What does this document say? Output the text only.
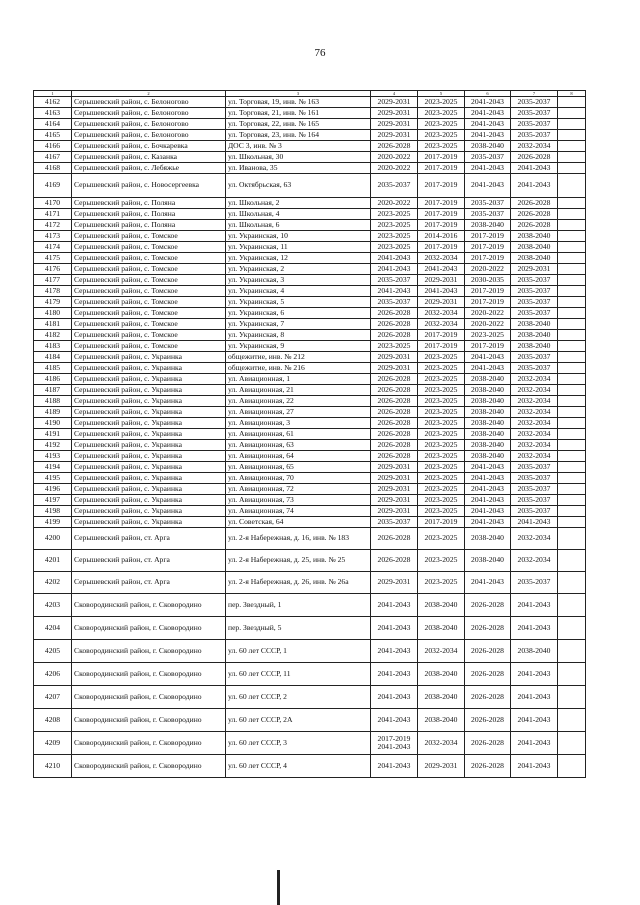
76
1	2	3	4	5	6	7	8
4162	Серышевский район, с. Белоногово	ул. Торговая, 19, инв. № 163	2029-2031	2023-2025	2041-2043	2035-2037	
4163	Серышевский район, с. Белоногово	ул. Торговая, 21, инв. № 161	2029-2031	2023-2025	2041-2043	2035-2037	
4164	Серышевский район, с. Белоногово	ул. Торговая, 22, инв. № 165	2029-2031	2023-2025	2041-2043	2035-2037	
4165	Серышевский район, с. Белоногово	ул. Торговая, 23, инв. № 164	2029-2031	2023-2025	2041-2043	2035-2037	
4166	Серышевский район, с. Бочкаревка	ДОС 3, инв. № 3	2026-2028	2023-2025	2038-2040	2032-2034	
4167	Серышевский район, с. Казанка	ул. Школьная, 30	2020-2022	2017-2019	2035-2037	2026-2028	
4168	Серышевский район, с. Лебяжье	ул. Иванова, 35	2020-2022	2017-2019	2041-2043	2041-2043	
4169	Серышевский район, с. Новосергеевка	ул. Октябрьская, 63	2035-2037	2017-2019	2041-2043	2041-2043	
4170	Серышевский район, с. Поляна	ул. Школьная, 2	2020-2022	2017-2019	2035-2037	2026-2028	
4171	Серышевский район, с. Поляна	ул. Школьная, 4	2023-2025	2017-2019	2035-2037	2026-2028	
4172	Серышевский район, с. Поляна	ул. Школьная, 6	2023-2025	2017-2019	2038-2040	2026-2028	
4173	Серышевский район, с. Томское	ул. Украинская, 10	2023-2025	2014-2016	2017-2019	2038-2040	
4174	Серышевский район, с. Томское	ул. Украинская, 11	2023-2025	2017-2019	2017-2019	2038-2040	
4175	Серышевский район, с. Томское	ул. Украинская, 12	2041-2043	2032-2034	2017-2019	2038-2040	
4176	Серышевский район, с. Томское	ул. Украинская, 2	2041-2043	2041-2043	2020-2022	2029-2031	
4177	Серышевский район, с. Томское	ул. Украинская, 3	2035-2037	2029-2031	2030-2035	2035-2037	
4178	Серышевский район, с. Томское	ул. Украинская, 4	2041-2043	2041-2043	2017-2019	2035-2037	
4179	Серышевский район, с. Томское	ул. Украинская, 5	2035-2037	2029-2031	2017-2019	2035-2037	
4180	Серышевский район, с. Томское	ул. Украинская, 6	2026-2028	2032-2034	2020-2022	2035-2037	
4181	Серышевский район, с. Томское	ул. Украинская, 7	2026-2028	2032-2034	2020-2022	2038-2040	
4182	Серышевский район, с. Томское	ул. Украинская, 8	2026-2028	2017-2019	2023-2025	2038-2040	
4183	Серышевский район, с. Томское	ул. Украинская, 9	2023-2025	2017-2019	2017-2019	2038-2040	
4184	Серышевский район, с. Украинка	общежитие, инв. № 212	2029-2031	2023-2025	2041-2043	2035-2037	
4185	Серышевский район, с. Украинка	общежитие, инв. № 216	2029-2031	2023-2025	2041-2043	2035-2037	
4186	Серышевский район, с. Украинка	ул. Авиационная, 1	2026-2028	2023-2025	2038-2040	2032-2034	
4187	Серышевский район, с. Украинка	ул. Авиационная, 21	2026-2028	2023-2025	2038-2040	2032-2034	
4188	Серышевский район, с. Украинка	ул. Авиационная, 22	2026-2028	2023-2025	2038-2040	2032-2034	
4189	Серышевский район, с. Украинка	ул. Авиационная, 27	2026-2028	2023-2025	2038-2040	2032-2034	
4190	Серышевский район, с. Украинка	ул. Авиационная, 3	2026-2028	2023-2025	2038-2040	2032-2034	
4191	Серышевский район, с. Украинка	ул. Авиационная, 61	2026-2028	2023-2025	2038-2040	2032-2034	
4192	Серышевский район, с. Украинка	ул. Авиационная, 63	2026-2028	2023-2025	2038-2040	2032-2034	
4193	Серышевский район, с. Украинка	ул. Авиационная, 64	2026-2028	2023-2025	2038-2040	2032-2034	
4194	Серышевский район, с. Украинка	ул. Авиационная, 65	2029-2031	2023-2025	2041-2043	2035-2037	
4195	Серышевский район, с. Украинка	ул. Авиационная, 70	2029-2031	2023-2025	2041-2043	2035-2037	
4196	Серышевский район, с. Украинка	ул. Авиационная, 72	2029-2031	2023-2025	2041-2043	2035-2037	
4197	Серышевский район, с. Украинка	ул. Авиационная, 73	2029-2031	2023-2025	2041-2043	2035-2037	
4198	Серышевский район, с. Украинка	ул. Авиационная, 74	2029-2031	2023-2025	2041-2043	2035-2037	
4199	Серышевский район, с. Украинка	ул. Советская, 64	2035-2037	2017-2019	2041-2043	2041-2043	
4200	Серышевский район, ст. Арга	ул. 2-я Набережная, д. 16, инв. № 183	2026-2028	2023-2025	2038-2040	2032-2034	
4201	Серышевский район, ст. Арга	ул. 2-я Набережная, д. 25, инв. № 25	2026-2028	2023-2025	2038-2040	2032-2034	
4202	Серышевский район, ст. Арга	ул. 2-я Набережная, д. 26, инв. № 26а	2029-2031	2023-2025	2041-2043	2035-2037	
4203	Сковородинский район, г. Сковородино	пер. Звездный, 1	2041-2043	2038-2040	2026-2028	2041-2043	
4204	Сковородинский район, г. Сковородино	пер. Звездный, 5	2041-2043	2038-2040	2026-2028	2041-2043	
4205	Сковородинский район, г. Сковородино	ул. 60 лет СССР, 1	2041-2043	2032-2034	2026-2028	2038-2040	
4206	Сковородинский район, г. Сковородино	ул. 60 лет СССР, 11	2041-2043	2038-2040	2026-2028	2041-2043	
4207	Сковородинский район, г. Сковородино	ул. 60 лет СССР, 2	2041-2043	2038-2040	2026-2028	2041-2043	
4208	Сковородинский район, г. Сковородино	ул. 60 лет СССР, 2А	2041-2043	2038-2040	2026-2028	2041-2043	
4209	Сковородинский район, г. Сковородино	ул. 60 лет СССР, 3	2017-2019 2041-2043	2032-2034	2026-2028	2041-2043	
4210	Сковородинский район, г. Сковородино	ул. 60 лет СССР, 4	2041-2043	2029-2031	2026-2028	2041-2043	
